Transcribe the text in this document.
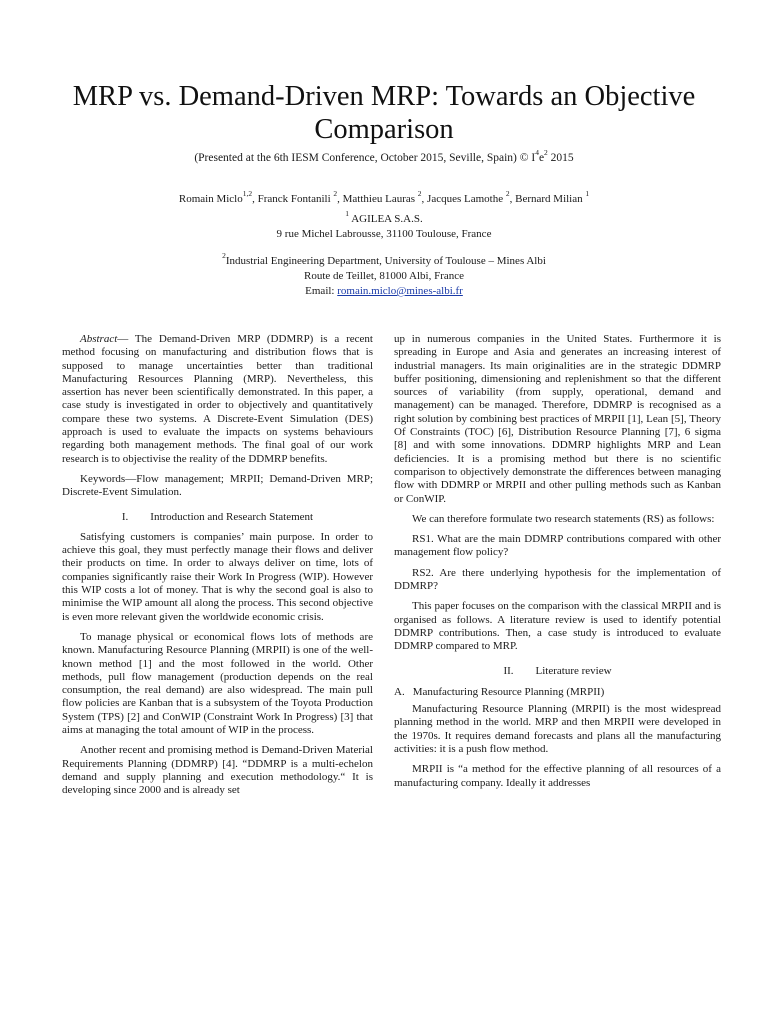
MRP vs. Demand-Driven MRP: Towards an Objective Comparison
(Presented at the 6th IESM Conference, October 2015, Seville, Spain) © $I^4e^2$ 2015
Romain Miclo$^{1,2}$, Franck Fontanili $^2$, Matthieu Lauras $^2$, Jacques Lamothe $^2$, Bernard Milian $^1$
$^1$ AGILEA S.A.S.
9 rue Michel Labrousse, 31100 Toulouse, France
$^2$Industrial Engineering Department, University of Toulouse – Mines Albi
Route de Teillet, 81000 Albi, France
Email: romain.miclo@mines-albi.fr

Abstract— The Demand-Driven MRP (DDMRP) is a recent method focusing on manufacturing and distribution flows that is supposed to manage uncertainties better than traditional Manufacturing Resources Planning (MRP). Nevertheless, this assertion has never been scientifically demonstrated. In this paper, a case study is investigated in order to objectively and quantitatively compare these two systems. A Discrete-Event Simulation (DES) approach is used to evaluate the impacts on systems behaviours regarding both management methods. The final goal of our work research is to objectivise the reality of the DDMRP benefits.

Keywords—Flow management; MRPII; Demand-Driven MRP; Discrete-Event Simulation.

I. Introduction and Research Statement

Satisfying customers is companies’ main purpose. In order to achieve this goal, they must perfectly manage their flows and deliver their products on time. In order to always deliver on time, lots of companies significantly raise their Work In Progress (WIP). However this WIP costs a lot of money. That is why the second goal is also to minimise the WIP amount all along the process. This second objective is even more relevant given the worldwide economic crisis.

To manage physical or economical flows lots of methods are known. Manufacturing Resource Planning (MRPII) is one of the well-known method [1] and the most followed in the world. Other methods, pull flow management (production depends on the real consumption, the real demand) are also widespread. The main pull flow policies are Kanban that is a subsystem of the Toyota Production System (TPS) [2] and ConWIP (Constraint Work In Progress) [3] that aims at managing the total amount of WIP in the process.

Another recent and promising method is Demand-Driven Material Requirements Planning (DDMRP) [4]. “DDMRP is a multi-echelon demand and supply planning and execution methodology.“ It is developing since 2000 and is already set

up in numerous companies in the United States. Furthermore it is spreading in Europe and Asia and generates an increasing interest of industrial managers. Its main originalities are in the strategic DDMRP buffer positioning, dimensioning and replenishment so that the different sources of variability (from supply, operational, demand and management) can be managed. Therefore, DDMRP is recognised as a right solution by combining best practices of MRPII [1], Lean [5], Theory Of Constraints (TOC) [6], Distribution Resource Planning [7], 6 sigma [8] and with some innovations. DDMRP highlights MRP and Lean deficiencies. It is a promising method but there is no scientific comparison to objectively demonstrate the differences between managing flow with DDMRP or MRPII and other pulling methods such as Kanban or ConWIP.

We can therefore formulate two research statements (RS) as follows:

RS1. What are the main DDMRP contributions compared with other management flow policy?

RS2. Are there underlying hypothesis for the implementation of DDMRP?

This paper focuses on the comparison with the classical MRPII and is organised as follows. A literature review is used to identify potential DDMRP contributions. Then, a case study is introduced to evaluate DDMRP compared to MRP.

II. Literature review
A. Manufacturing Resource Planning (MRPII)

Manufacturing Resource Planning (MRPII) is the most widespread planning method in the world. MRP and then MRPII were developed in the 1970s. It requires demand forecasts and plans all the manufacturing activities: it is a push flow method.

MRPII is “a method for the effective planning of all resources of a manufacturing company. Ideally it addresses
